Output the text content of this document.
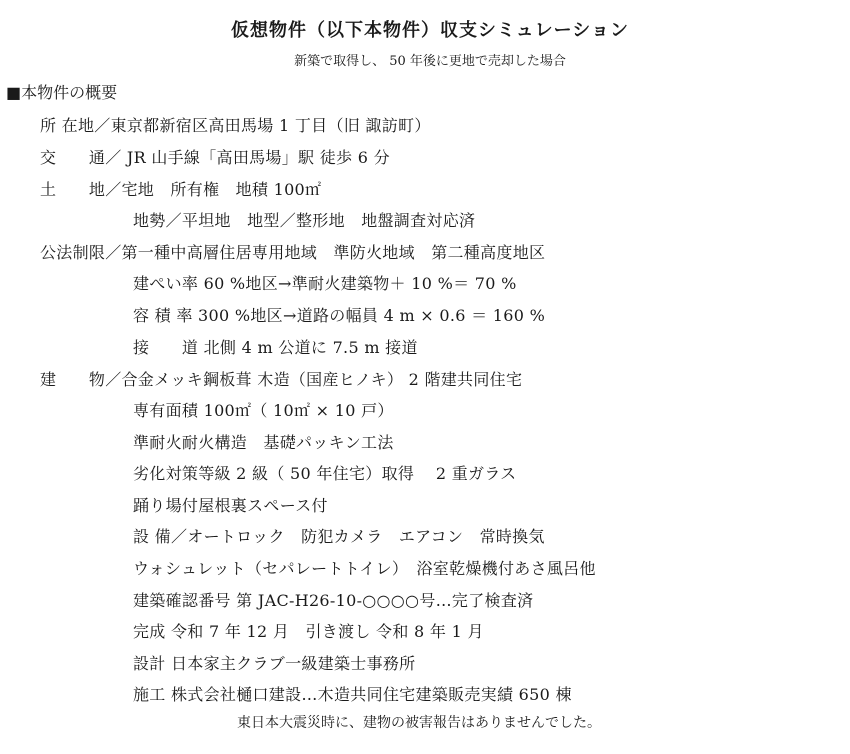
仮想物件（以下本物件）収支シミュレーション
新築で取得し、 50 年後に更地で売却した場合
■本物件の概要
所 在地／東京都新宿区高田馬場 1 丁目（旧 諏訪町）
交　　通／ JR 山手線「高田馬場」駅 徒歩 6 分
土　　地／宅地　所有権　地積 100㎡
地勢／平坦地　地型／整形地　地盤調査対応済
公法制限／第一種中高層住居専用地域　準防火地域　第二種高度地区
建ぺい率 60 %地区→準耐火建築物＋ 10 %＝ 70 %
容 積 率 300 %地区→道路の幅員 4 m × 0.6 ＝ 160 %
接　　道 北側 4 m 公道に 7.5 m 接道
建　　物／合金メッキ鋼板葺 木造（国産ヒノキ） 2 階建共同住宅
専有面積 100㎡（ 10㎡ × 10 戸）
準耐火耐火構造　基礎パッキン工法
劣化対策等級 2 級（ 50 年住宅）取得　 2 重ガラス
踊り場付屋根裏スペース付
設 備／オートロック　防犯カメラ　エアコン　常時換気
ウォシュレット（セパレートトイレ）　浴室乾燥機付あさ風呂他
建築確認番号 第 JAC-H26-10-○○○○号…完了検査済
完成 令和 7 年 12 月　引き渡し 令和 8 年 1 月
設計 日本家主クラブ一級建築士事務所
施工 株式会社樋口建設…木造共同住宅建築販売実績 650 棟
東日本大震災時に、建物の被害報告はありませんでした。
